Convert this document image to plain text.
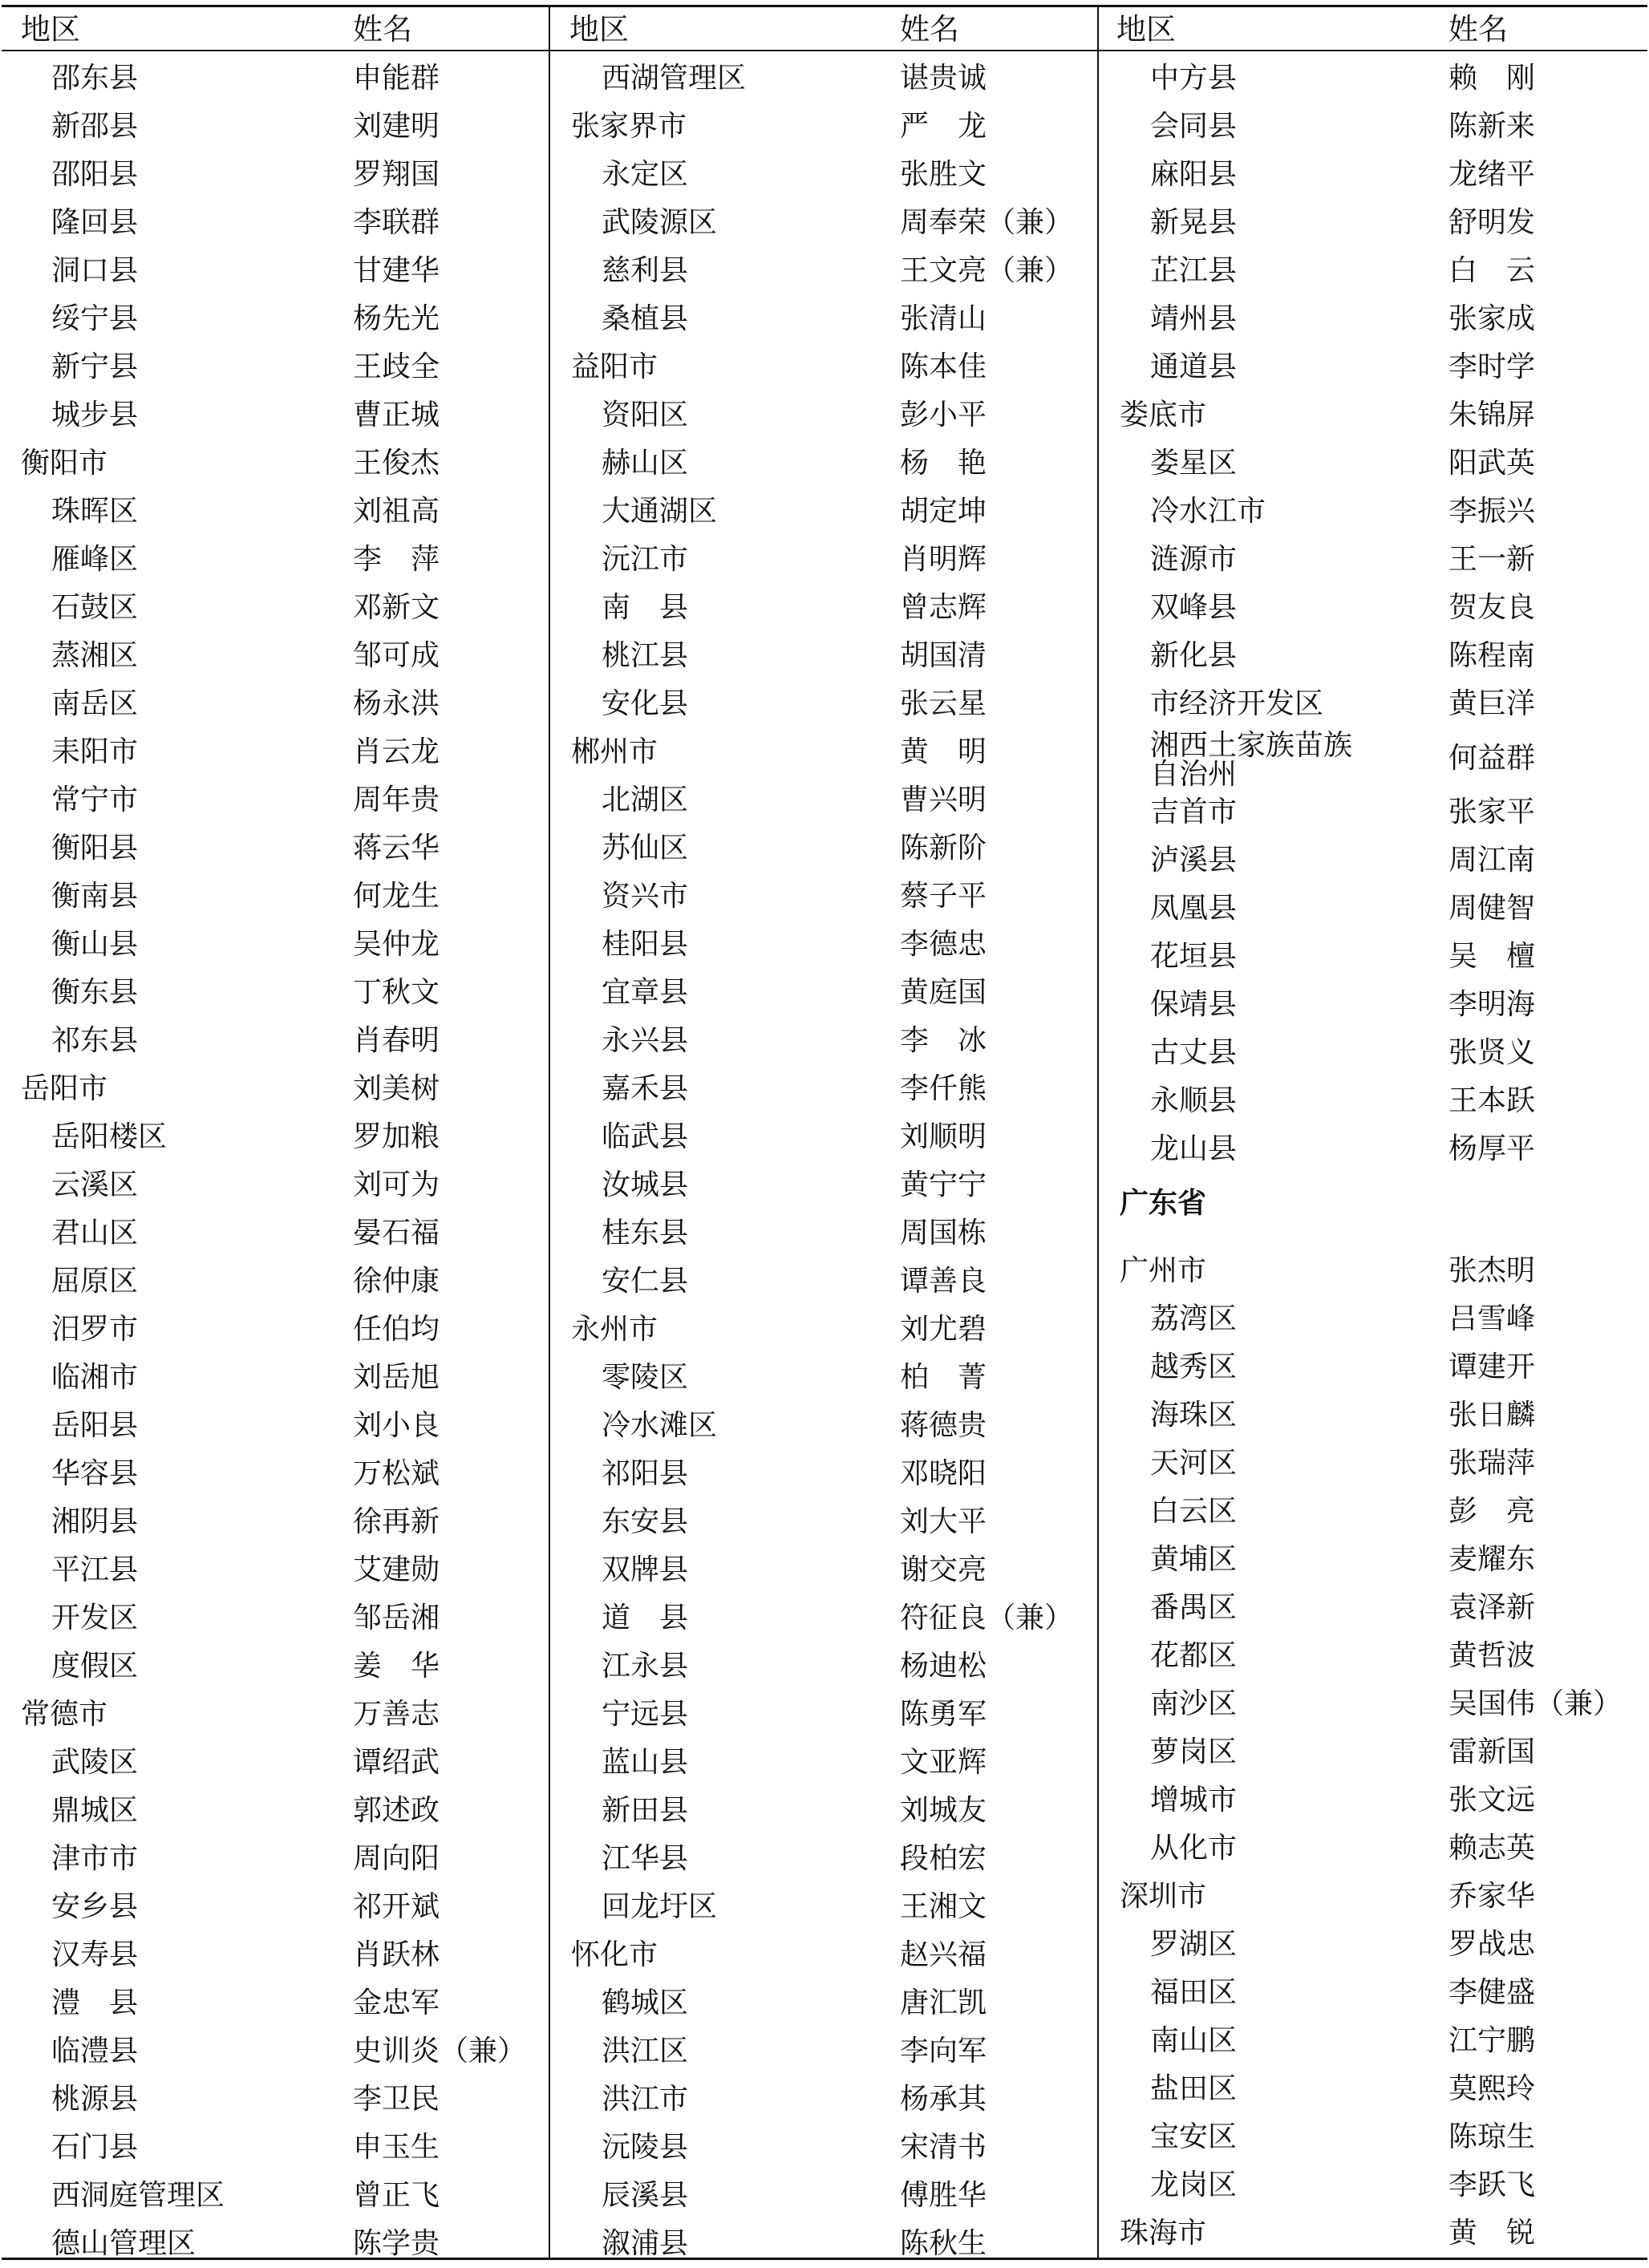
地区	姓名
邵东县	申能群
新邵县	刘建明
邵阳县	罗翔国
隆回县	李联群
洞口县	甘建华
绥宁县	杨先光
新宁县	王歧全
城步县	曹正城
衡阳市	王俊杰
珠晖区	刘祖高
雁峰区	李　萍
石鼓区	邓新文
蒸湘区	邹可成
南岳区	杨永洪
耒阳市	肖云龙
常宁市	周年贵
衡阳县	蒋云华
衡南县	何龙生
衡山县	吴仲龙
衡东县	丁秋文
祁东县	肖春明
岳阳市	刘美树
岳阳楼区	罗加粮
云溪区	刘可为
君山区	晏石福
屈原区	徐仲康
汨罗市	任伯均
临湘市	刘岳旭
岳阳县	刘小良
华容县	万松斌
湘阴县	徐再新
平江县	艾建勋
开发区	邹岳湘
度假区	姜　华
常德市	万善志
武陵区	谭绍武
鼎城区	郭述政
津市市	周向阳
安乡县	祁开斌
汉寿县	肖跃林
澧　县	金忠军
临澧县	史训炎（兼）
桃源县	李卫民
石门县	申玉生
西洞庭管理区	曾正飞
德山管理区	陈学贵
地区	姓名
西湖管理区	谌贵诚
张家界市	严　龙
永定区	张胜文
武陵源区	周奉荣（兼）
慈利县	王文亮（兼）
桑植县	张清山
益阳市	陈本佳
资阳区	彭小平
赫山区	杨　艳
大通湖区	胡定坤
沅江市	肖明辉
南　县	曾志辉
桃江县	胡国清
安化县	张云星
郴州市	黄　明
北湖区	曹兴明
苏仙区	陈新阶
资兴市	蔡子平
桂阳县	李德忠
宜章县	黄庭国
永兴县	李　冰
嘉禾县	李仟熊
临武县	刘顺明
汝城县	黄宁宁
桂东县	周国栋
安仁县	谭善良
永州市	刘尤碧
零陵区	柏　菁
冷水滩区	蒋德贵
祁阳县	邓晓阳
东安县	刘大平
双牌县	谢交亮
道　县	符征良（兼）
江永县	杨迪松
宁远县	陈勇军
蓝山县	文亚辉
新田县	刘城友
江华县	段柏宏
回龙圩区	王湘文
怀化市	赵兴福
鹤城区	唐汇凯
洪江区	李向军
洪江市	杨承其
沅陵县	宋清书
辰溪县	傅胜华
溆浦县	陈秋生
地区	姓名
中方县	赖　刚
会同县	陈新来
麻阳县	龙绪平
新晃县	舒明发
芷江县	白　云
靖州县	张家成
通道县	李时学
娄底市	朱锦屏
娄星区	阳武英
冷水江市	李振兴
涟源市	王一新
双峰县	贺友良
新化县	陈程南
市经济开发区	黄巨洋
湘西土家族苗族自治州	何益群
吉首市	张家平
泸溪县	周江南
凤凰县	周健智
花垣县	吴　檀
保靖县	李明海
古丈县	张贤义
永顺县	王本跃
龙山县	杨厚平
广东省
广州市	张杰明
荔湾区	吕雪峰
越秀区	谭建开
海珠区	张日麟
天河区	张瑞萍
白云区	彭　亮
黄埔区	麦耀东
番禺区	袁泽新
花都区	黄哲波
南沙区	吴国伟（兼）
萝岗区	雷新国
增城市	张文远
从化市	赖志英
深圳市	乔家华
罗湖区	罗战忠
福田区	李健盛
南山区	江宁鹏
盐田区	莫熙玲
宝安区	陈琼生
龙岗区	李跃飞
珠海市	黄　锐
